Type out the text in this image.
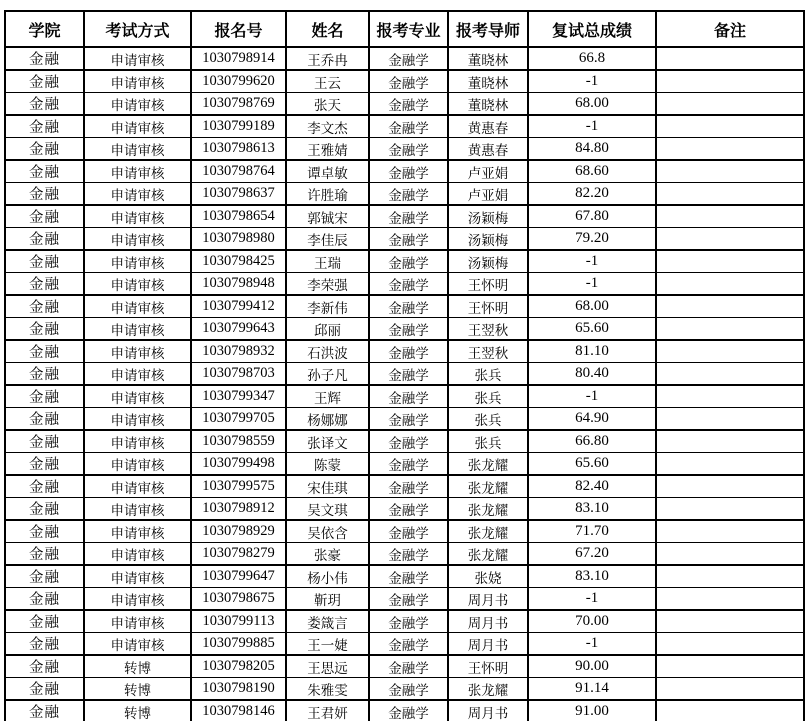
学院	考试方式	报名号	姓名	报考专业	报考导师	复试总成绩	备注
金融	申请审核	1030798914	王乔冉	金融学	董晓林	66.8	
金融	申请审核	1030799620	王云	金融学	董晓林	-1	
金融	申请审核	1030798769	张天	金融学	董晓林	68.00	
金融	申请审核	1030799189	李文杰	金融学	黄惠春	-1	
金融	申请审核	1030798613	王雅婧	金融学	黄惠春	84.80	
金融	申请审核	1030798764	谭卓敏	金融学	卢亚娟	68.60	
金融	申请审核	1030798637	许胜瑜	金融学	卢亚娟	82.20	
金融	申请审核	1030798654	郭铖宋	金融学	汤颖梅	67.80	
金融	申请审核	1030798980	李佳辰	金融学	汤颖梅	79.20	
金融	申请审核	1030798425	王瑞	金融学	汤颖梅	-1	
金融	申请审核	1030798948	李荣强	金融学	王怀明	-1	
金融	申请审核	1030799412	李新伟	金融学	王怀明	68.00	
金融	申请审核	1030799643	邱丽	金融学	王翌秋	65.60	
金融	申请审核	1030798932	石洪波	金融学	王翌秋	81.10	
金融	申请审核	1030798703	孙子凡	金融学	张兵	80.40	
金融	申请审核	1030799347	王辉	金融学	张兵	-1	
金融	申请审核	1030799705	杨娜娜	金融学	张兵	64.90	
金融	申请审核	1030798559	张译文	金融学	张兵	66.80	
金融	申请审核	1030799498	陈蒙	金融学	张龙耀	65.60	
金融	申请审核	1030799575	宋佳琪	金融学	张龙耀	82.40	
金融	申请审核	1030798912	吴文琪	金融学	张龙耀	83.10	
金融	申请审核	1030798929	吴依含	金融学	张龙耀	71.70	
金融	申请审核	1030798279	张豪	金融学	张龙耀	67.20	
金融	申请审核	1030799647	杨小伟	金融学	张娆	83.10	
金融	申请审核	1030798675	靳玥	金融学	周月书	-1	
金融	申请审核	1030799113	娄箴言	金融学	周月书	70.00	
金融	申请审核	1030799885	王一婕	金融学	周月书	-1	
金融	转博	1030798205	王思远	金融学	王怀明	90.00	
金融	转博	1030798190	朱雅雯	金融学	张龙耀	91.14	
金融	转博	1030798146	王君妍	金融学	周月书	91.00	
